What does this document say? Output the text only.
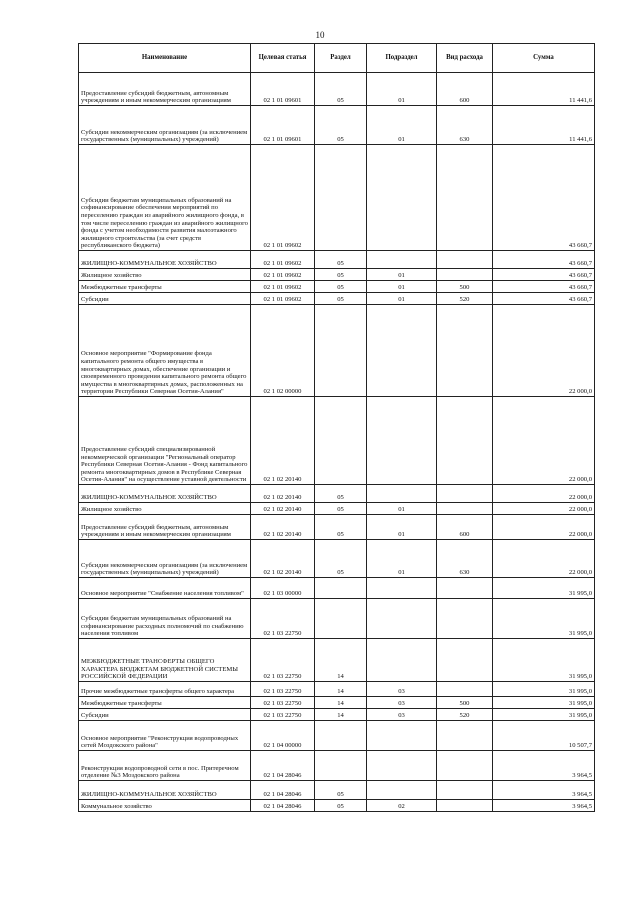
10
Наименование	Целевая статья	Раздел	Подраздел	Вид расхода	Сумма
Предоставление субсидий бюджетным, автономным учреждениям и иным некоммерческим организациям	02 1 01 09601	05	01	600	11 441,6
Субсидии некоммерческим организациям (за исключением государственных (муниципальных) учреждений)	02 1 01 09601	05	01	630	11 441,6
Субсидии бюджетам муниципальных образований на софинансирование обеспечения мероприятий по переселению граждан из аварийного жилищного фонда, в том числе переселению граждан из аварийного жилищного фонда с учетом необходимости развития малоэтажного жилищного строительства (за счет средств республиканского бюджета)	02 1 01 09602				43 660,7
ЖИЛИЩНО-КОММУНАЛЬНОЕ ХОЗЯЙСТВО	02 1 01 09602	05			43 660,7
Жилищное хозяйство	02 1 01 09602	05	01		43 660,7
Межбюджетные трансферты	02 1 01 09602	05	01	500	43 660,7
Субсидии	02 1 01 09602	05	01	520	43 660,7
Основное мероприятие "Формирование фонда капитального ремонта общего имущества в многоквартирных домах, обеспечение организации и своевременного проведения капитального ремонта общего имущества в многоквартирных домах, расположенных на территории Республики Северная Осетия-Алания"	02 1 02 00000				22 000,0
Предоставление субсидий специализированной некоммерческой организации "Региональный оператор Республики Северная Осетия-Алания - Фонд капитального ремонта многоквартирных домов в Республике Северная Осетия-Алания" на осуществление уставной деятельности	02 1 02 20140				22 000,0
ЖИЛИЩНО-КОММУНАЛЬНОЕ ХОЗЯЙСТВО	02 1 02 20140	05			22 000,0
Жилищное хозяйство	02 1 02 20140	05	01		22 000,0
Предоставление субсидий бюджетным, автономным учреждениям и иным некоммерческим организациям	02 1 02 20140	05	01	600	22 000,0
Субсидии некоммерческим организациям (за исключением государственных (муниципальных) учреждений)	02 1 02 20140	05	01	630	22 000,0
Основное мероприятие "Снабжение населения топливом"	02 1 03 00000				31 995,0
Субсидии бюджетам муниципальных образований на софинансирование расходных полномочий по снабжению населения топливом	02 1 03 22750				31 995,0
МЕЖБЮДЖЕТНЫЕ ТРАНСФЕРТЫ ОБЩЕГО ХАРАКТЕРА БЮДЖЕТАМ БЮДЖЕТНОЙ СИСТЕМЫ РОССИЙСКОЙ ФЕДЕРАЦИИ	02 1 03 22750	14			31 995,0
Прочие межбюджетные трансферты общего характера	02 1 03 22750	14	03		31 995,0
Межбюджетные трансферты	02 1 03 22750	14	03	500	31 995,0
Субсидии	02 1 03 22750	14	03	520	31 995,0
Основное мероприятие "Реконструкция водопроводных сетей Моздокского района"	02 1 04 00000				10 507,7
Реконструкция водопроводной сети в пос. Притеречном отделение №3 Моздокского района	02 1 04 28046				3 964,5
ЖИЛИЩНО-КОММУНАЛЬНОЕ ХОЗЯЙСТВО	02 1 04 28046	05			3 964,5
Коммунальное хозяйство	02 1 04 28046	05	02		3 964,5
